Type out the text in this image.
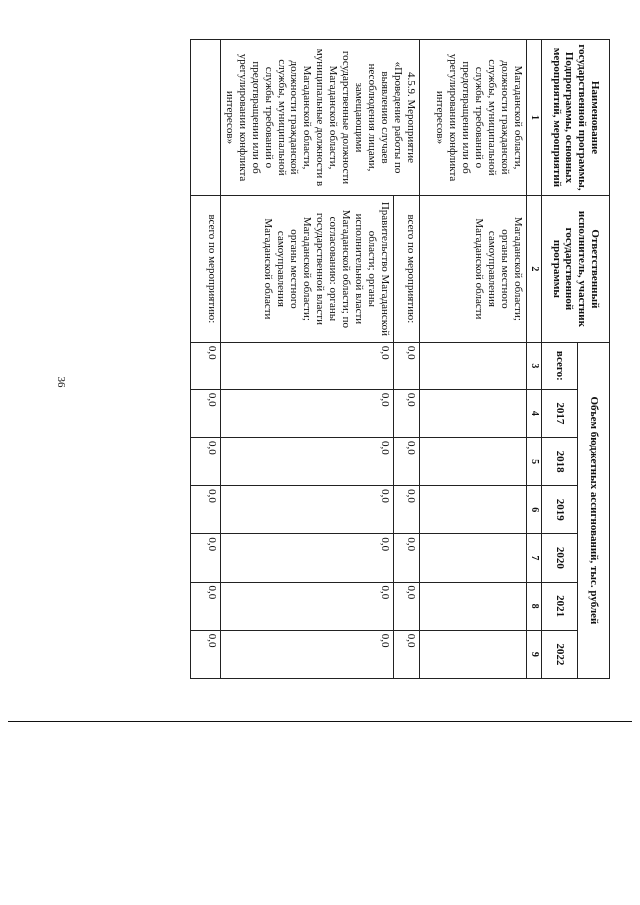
36
Наименование государственной программы, Подпрограммы, основных мероприятий, мероприятий	Ответственный исполнитель, участник государственной программы	Объем бюджетных ассигнований, тыс. рублей						
		всего:	2017	2018	2019	2020	2021	2022
1	2	3	4	5	6	7	8	9
Магаданской области, должности гражданской службы, муниципальной службы требований о предотвращении или об урегулировании конфликта интересов»	Магаданской области; органы местного самоуправления Магаданской области							
4.5.9. Мероприятие «Проведение работы по выявлению случаев несоблюдения лицами, замещающими государственные должности Магаданской области, муниципальные должности в Магаданской области, должности гражданской службы, муниципальной службы требований о предотвращении или об урегулировании конфликта интересов»	всего по мероприятию:	0,0	0,0	0,0	0,0	0,0	0,0	0,0
	Правительство Магаданской области; органы исполнительной власти Магаданской области; по согласованию: органы государственной власти Магаданской области; органы местного самоуправления Магаданской области	0,0	0,0	0,0	0,0	0,0	0,0	0,0
	всего по мероприятию:	0,0	0,0	0,0	0,0	0,0	0,0	0,0
